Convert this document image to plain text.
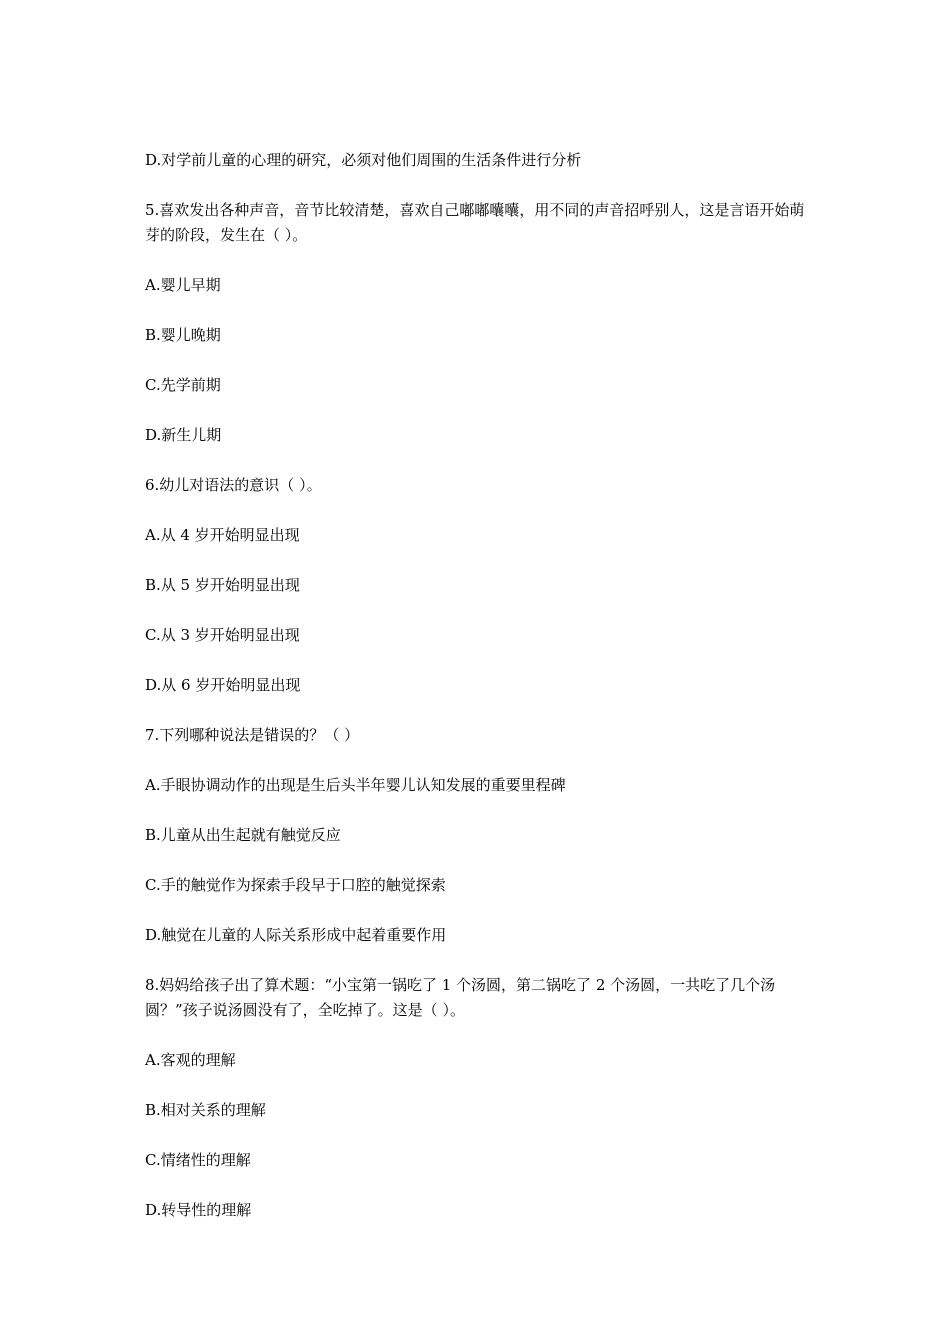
D.对学前儿童的心理的研究，必须对他们周围的生活条件进行分析

5.喜欢发出各种声音，音节比较清楚，喜欢自己嘟嘟囔囔，用不同的声音招呼别人，这是言语开始萌芽的阶段，发生在（ ）。

A.婴儿早期

B.婴儿晚期

C.先学前期

D.新生儿期

6.幼儿对语法的意识（ ）。

A.从 4 岁开始明显出现

B.从 5 岁开始明显出现

C.从 3 岁开始明显出现

D.从 6 岁开始明显出现

7.下列哪种说法是错误的？（ ）

A.手眼协调动作的出现是生后头半年婴儿认知发展的重要里程碑

B.儿童从出生起就有触觉反应

C.手的触觉作为探索手段早于口腔的触觉探索

D.触觉在儿童的人际关系形成中起着重要作用

8.妈妈给孩子出了算术题：“小宝第一锅吃了 1 个汤圆，第二锅吃了 2 个汤圆，一共吃了几个汤圆？”孩子说汤圆没有了，全吃掉了。这是（ ）。

A.客观的理解

B.相对关系的理解

C.情绪性的理解

D.转导性的理解
